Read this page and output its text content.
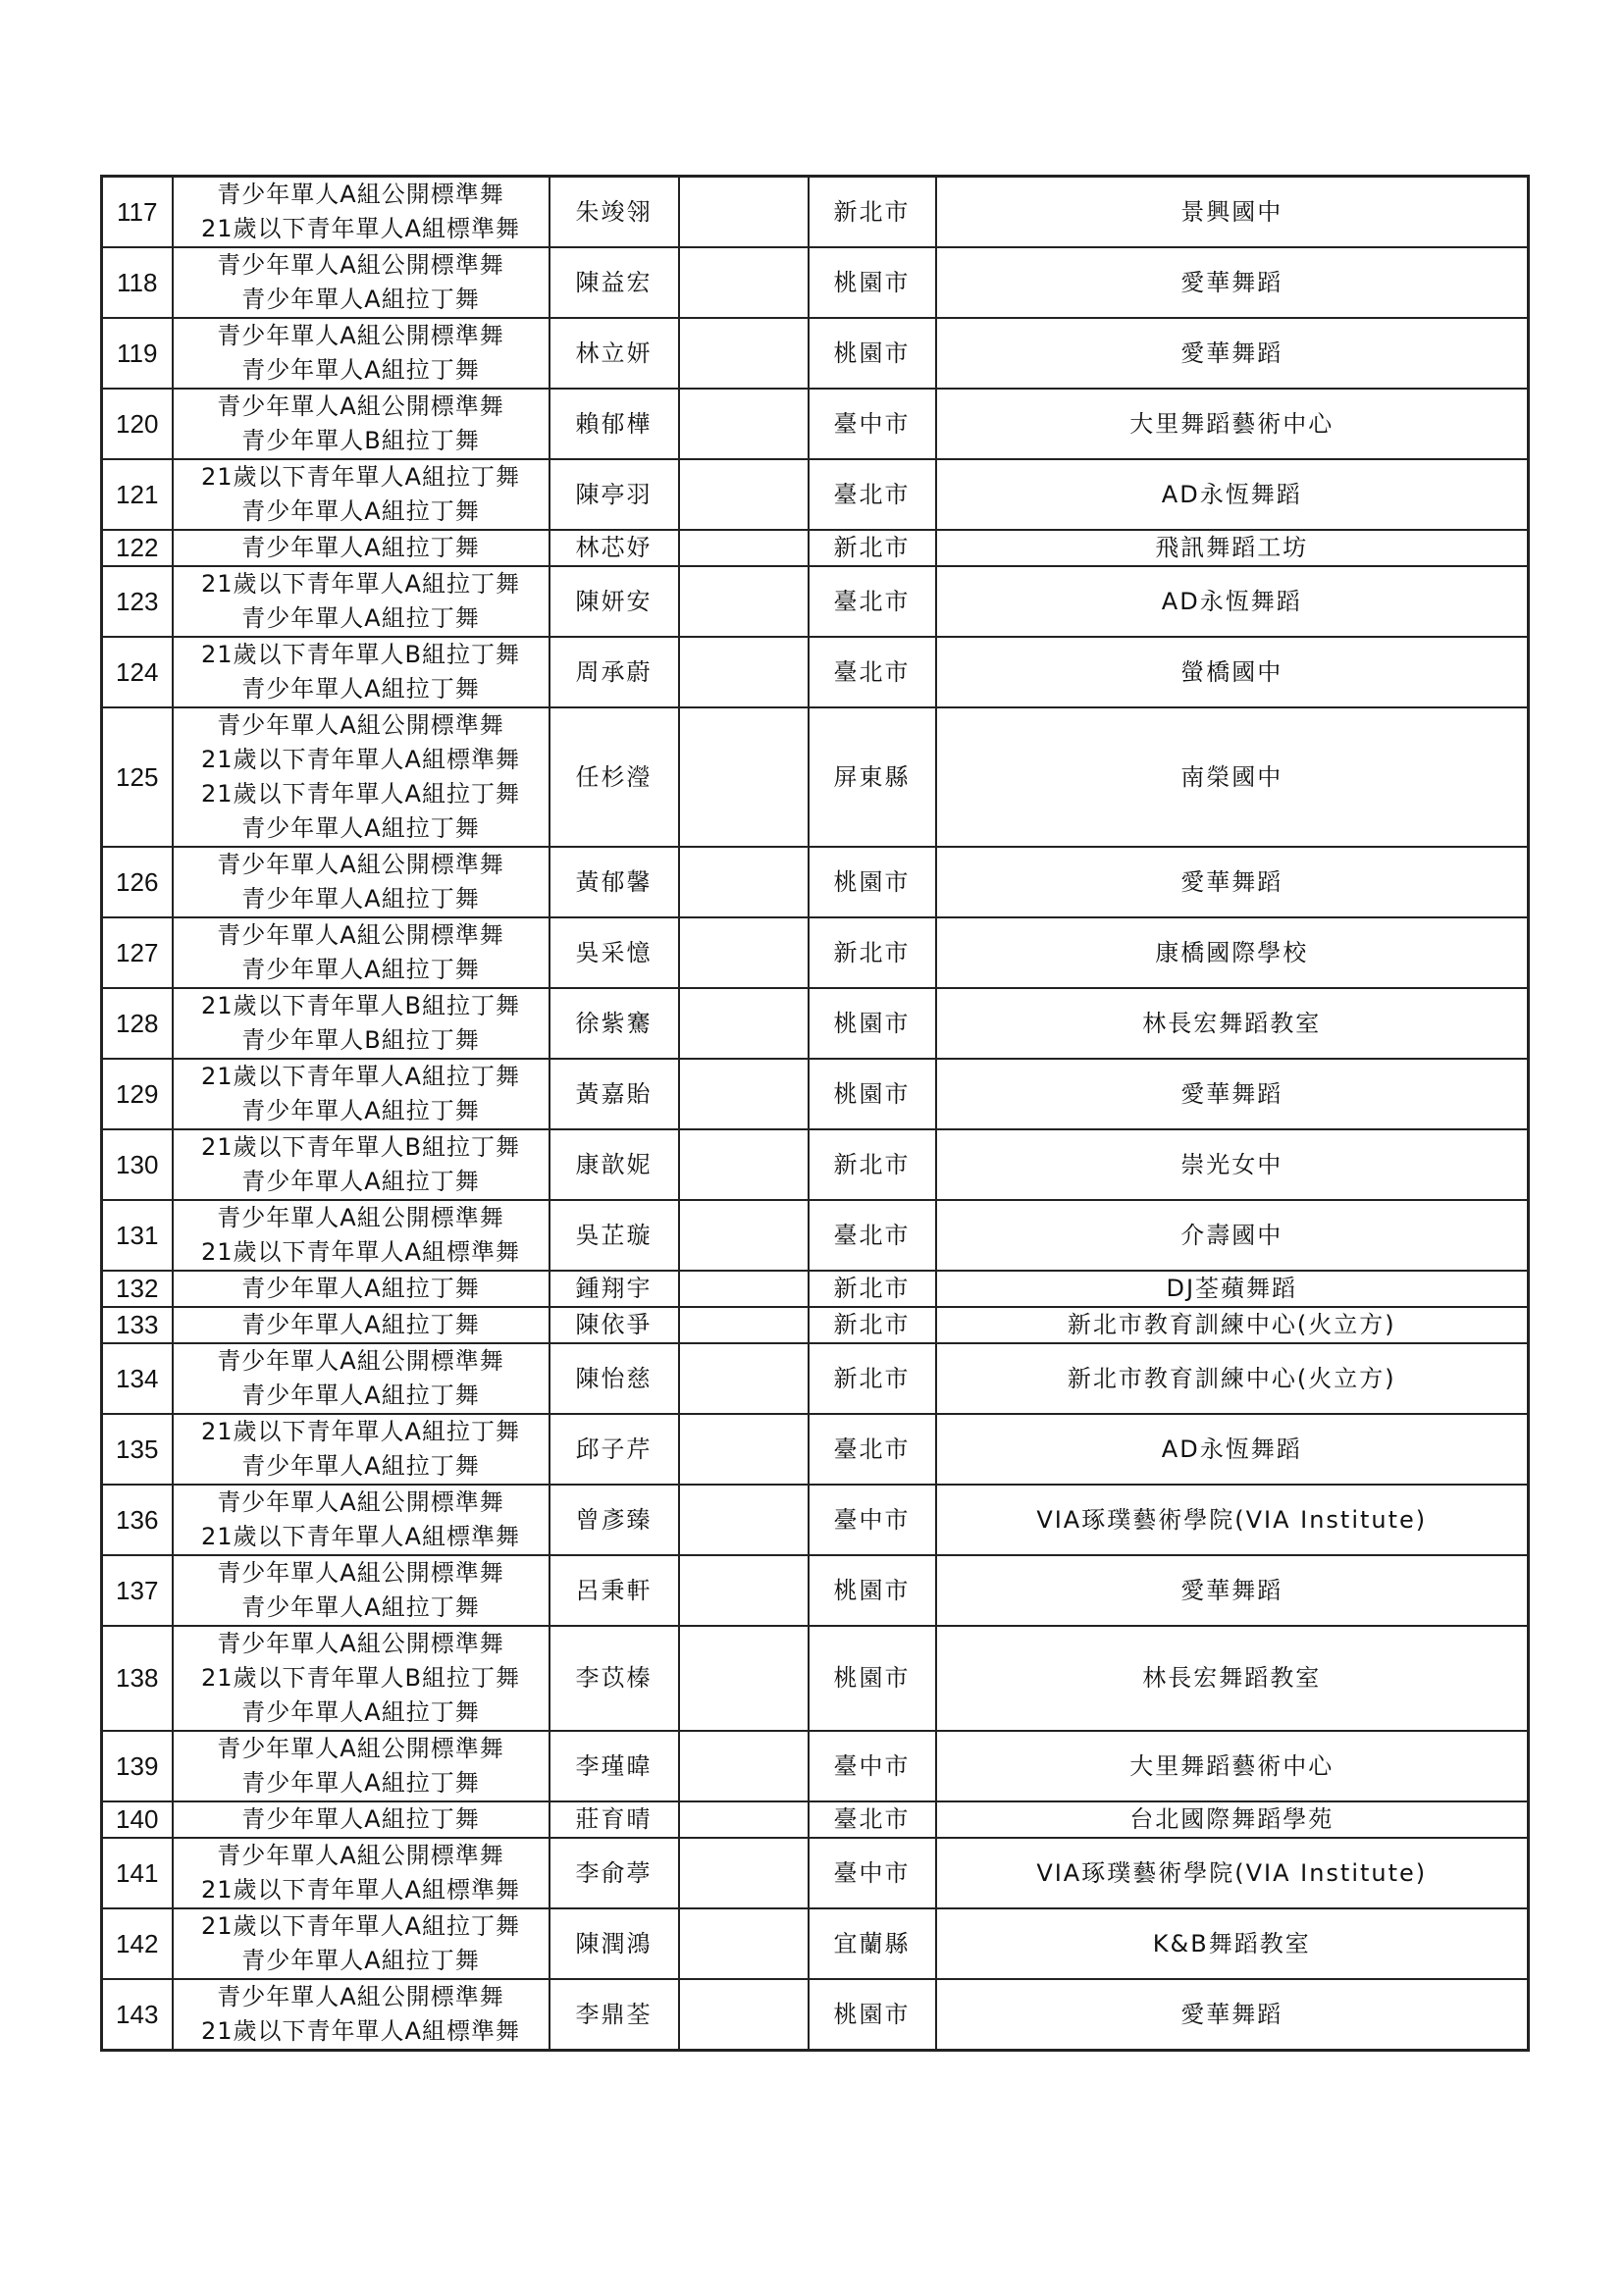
117	青少年單人A組公開標準舞
21歲以下青年單人A組標準舞	朱竣翎		新北市	景興國中
118	青少年單人A組公開標準舞
青少年單人A組拉丁舞	陳益宏		桃園市	愛華舞蹈
119	青少年單人A組公開標準舞
青少年單人A組拉丁舞	林立妍		桃園市	愛華舞蹈
120	青少年單人A組公開標準舞
青少年單人B組拉丁舞	賴郁樺		臺中市	大里舞蹈藝術中心
121	21歲以下青年單人A組拉丁舞
青少年單人A組拉丁舞	陳亭羽		臺北市	AD永恆舞蹈
122	青少年單人A組拉丁舞	林芯妤		新北市	飛訊舞蹈工坊
123	21歲以下青年單人A組拉丁舞
青少年單人A組拉丁舞	陳妍安		臺北市	AD永恆舞蹈
124	21歲以下青年單人B組拉丁舞
青少年單人A組拉丁舞	周承蔚		臺北市	螢橋國中
125	青少年單人A組公開標準舞
21歲以下青年單人A組標準舞
21歲以下青年單人A組拉丁舞
青少年單人A組拉丁舞	任杉瀅		屏東縣	南榮國中
126	青少年單人A組公開標準舞
青少年單人A組拉丁舞	黃郁馨		桃園市	愛華舞蹈
127	青少年單人A組公開標準舞
青少年單人A組拉丁舞	吳采憶		新北市	康橋國際學校
128	21歲以下青年單人B組拉丁舞
青少年單人B組拉丁舞	徐紫騫		桃園市	林長宏舞蹈教室
129	21歲以下青年單人A組拉丁舞
青少年單人A組拉丁舞	黃嘉貽		桃園市	愛華舞蹈
130	21歲以下青年單人B組拉丁舞
青少年單人A組拉丁舞	康歆妮		新北市	崇光女中
131	青少年單人A組公開標準舞
21歲以下青年單人A組標準舞	吳芷璇		臺北市	介壽國中
132	青少年單人A組拉丁舞	鍾翔宇		新北市	DJ荃蘋舞蹈
133	青少年單人A組拉丁舞	陳依爭		新北市	新北市教育訓練中心(火立方)
134	青少年單人A組公開標準舞
青少年單人A組拉丁舞	陳怡慈		新北市	新北市教育訓練中心(火立方)
135	21歲以下青年單人A組拉丁舞
青少年單人A組拉丁舞	邱子芹		臺北市	AD永恆舞蹈
136	青少年單人A組公開標準舞
21歲以下青年單人A組標準舞	曾彥臻		臺中市	VIA琢璞藝術學院(VIA Institute)
137	青少年單人A組公開標準舞
青少年單人A組拉丁舞	呂秉軒		桃園市	愛華舞蹈
138	青少年單人A組公開標準舞
21歲以下青年單人B組拉丁舞
青少年單人A組拉丁舞	李苡榛		桃園市	林長宏舞蹈教室
139	青少年單人A組公開標準舞
青少年單人A組拉丁舞	李瑾暐		臺中市	大里舞蹈藝術中心
140	青少年單人A組拉丁舞	莊育晴		臺北市	台北國際舞蹈學苑
141	青少年單人A組公開標準舞
21歲以下青年單人A組標準舞	李俞葶		臺中市	VIA琢璞藝術學院(VIA Institute)
142	21歲以下青年單人A組拉丁舞
青少年單人A組拉丁舞	陳潤鴻		宜蘭縣	K&B舞蹈教室
143	青少年單人A組公開標準舞
21歲以下青年單人A組標準舞	李鼎荃		桃園市	愛華舞蹈
